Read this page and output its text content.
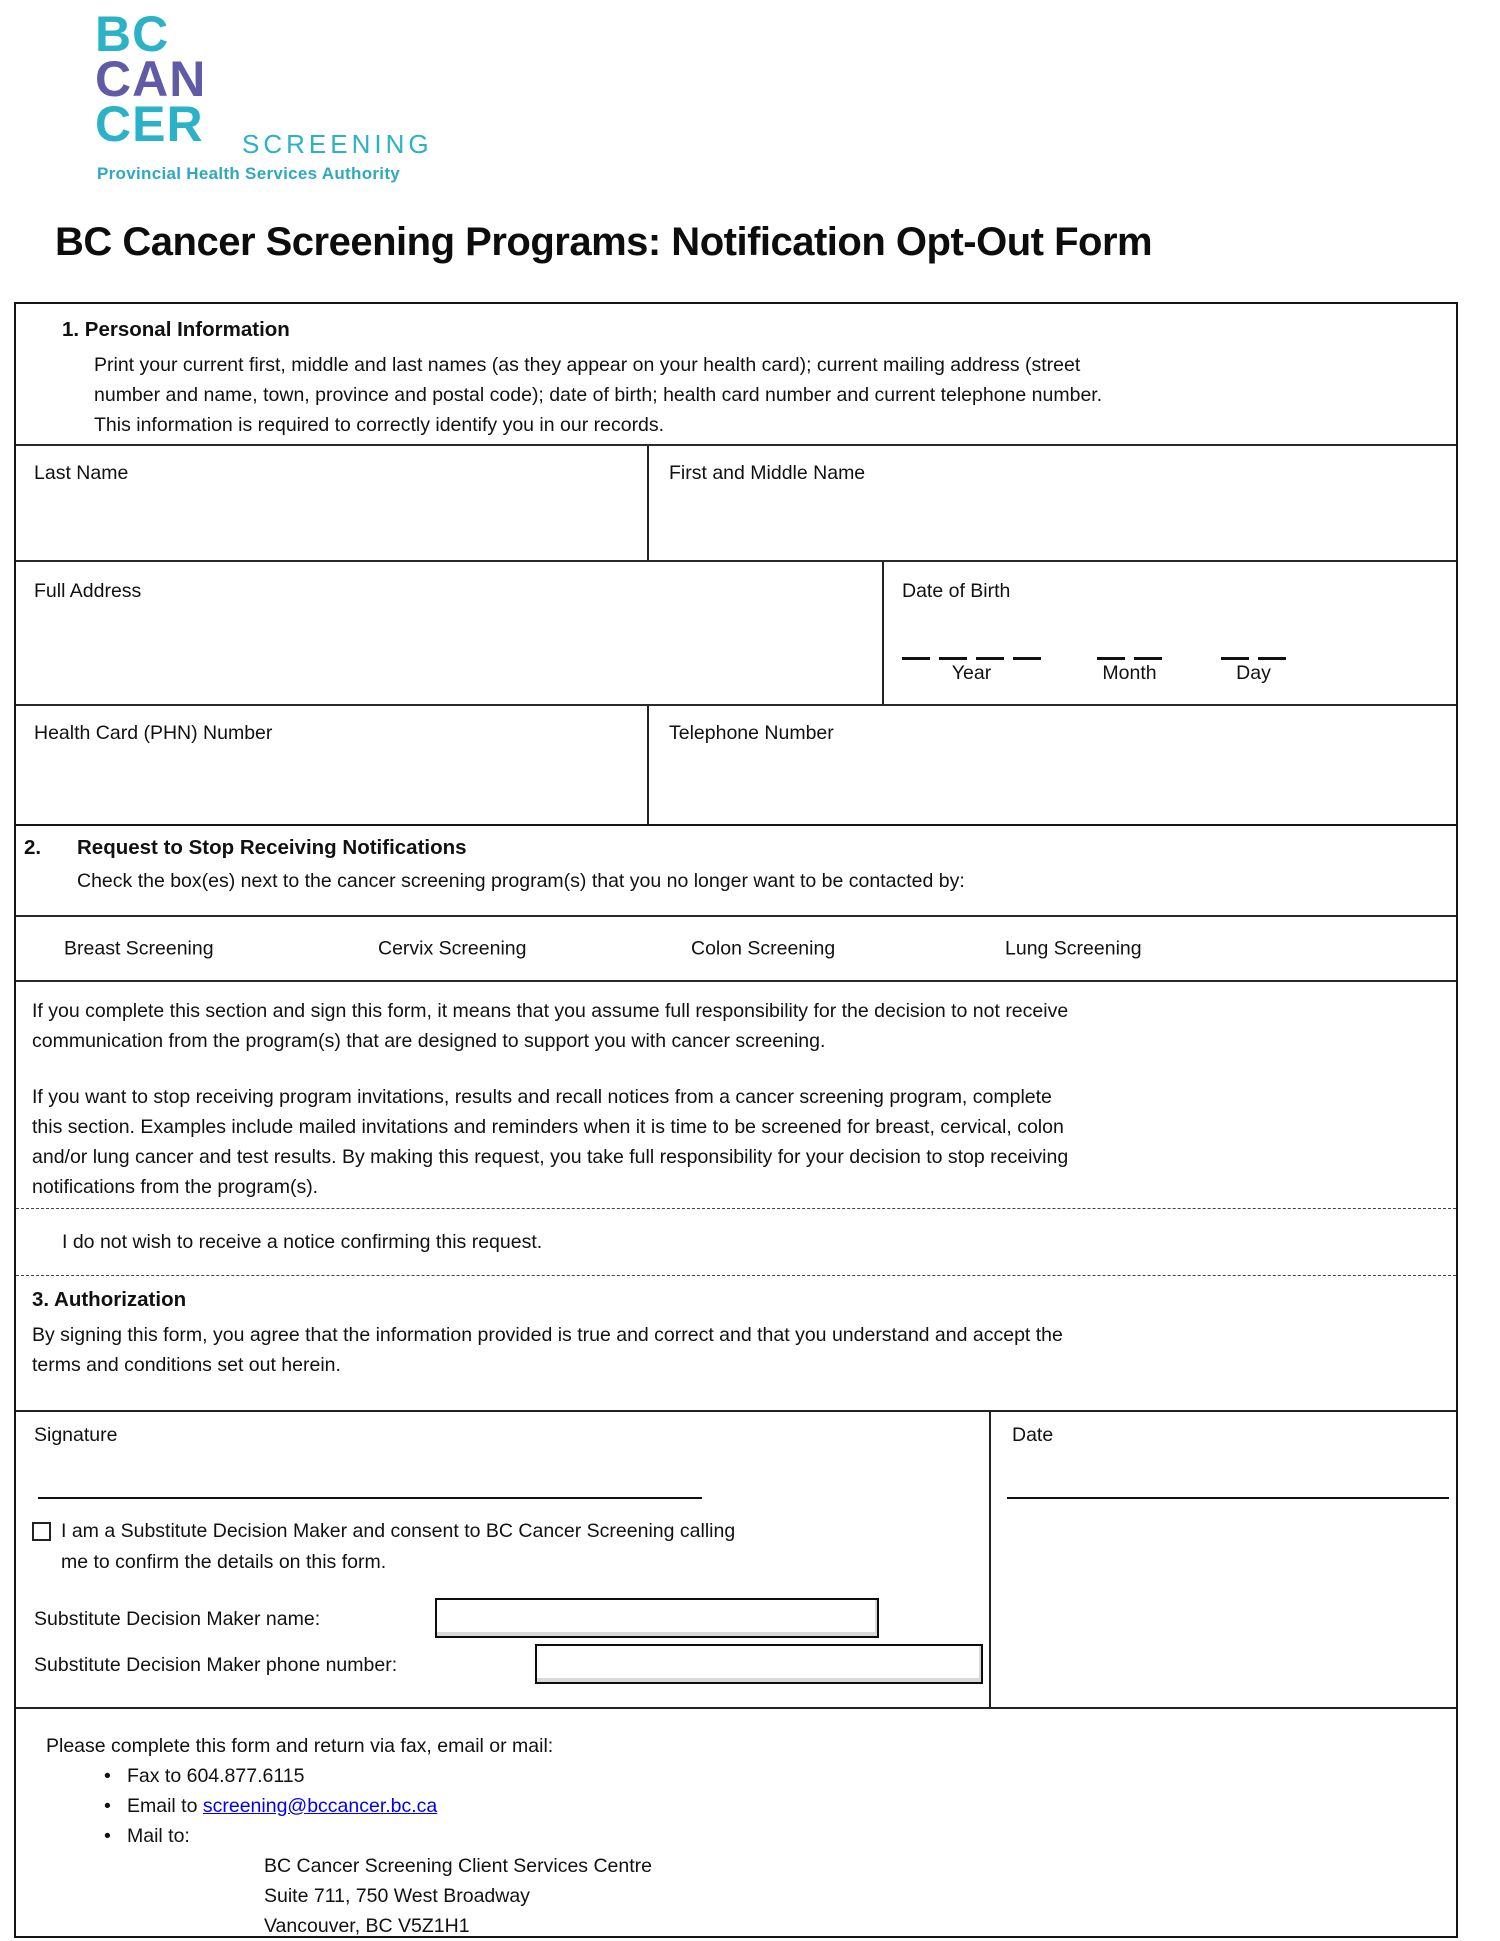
BC
CAN
CER	SCREENING
Provincial Health Services Authority
BC Cancer Screening Programs: Notification Opt-Out Form
1. Personal Information
Print your current first, middle and last names (as they appear on your health card); current mailing address (street
number and name, town, province and postal code); date of birth; health card number and current telephone number.
This information is required to correctly identify you in our records.
Last Name	First and Middle Name
Full Address	Date of Birth
Year	Month	Day
Health Card (PHN) Number	Telephone Number
2. Request to Stop Receiving Notifications
Check the box(es) next to the cancer screening program(s) that you no longer want to be contacted by:
Breast Screening	Cervix Screening	Colon Screening	Lung Screening
If you complete this section and sign this form, it means that you assume full responsibility for the decision to not receive
communication from the program(s) that are designed to support you with cancer screening.
If you want to stop receiving program invitations, results and recall notices from a cancer screening program, complete
this section. Examples include mailed invitations and reminders when it is time to be screened for breast, cervical, colon
and/or lung cancer and test results. By making this request, you take full responsibility for your decision to stop receiving
notifications from the program(s).
I do not wish to receive a notice confirming this request.
3. Authorization
By signing this form, you agree that the information provided is true and correct and that you understand and accept the
terms and conditions set out herein.
Signature
I am a Substitute Decision Maker and consent to BC Cancer Screening calling
me to confirm the details on this form.
Substitute Decision Maker name:
Substitute Decision Maker phone number:
Date
Please complete this form and return via fax, email or mail:
• Fax to 604.877.6115
• Email to screening@bccancer.bc.ca
• Mail to:
BC Cancer Screening Client Services Centre
Suite 711, 750 West Broadway
Vancouver, BC V5Z1H1
